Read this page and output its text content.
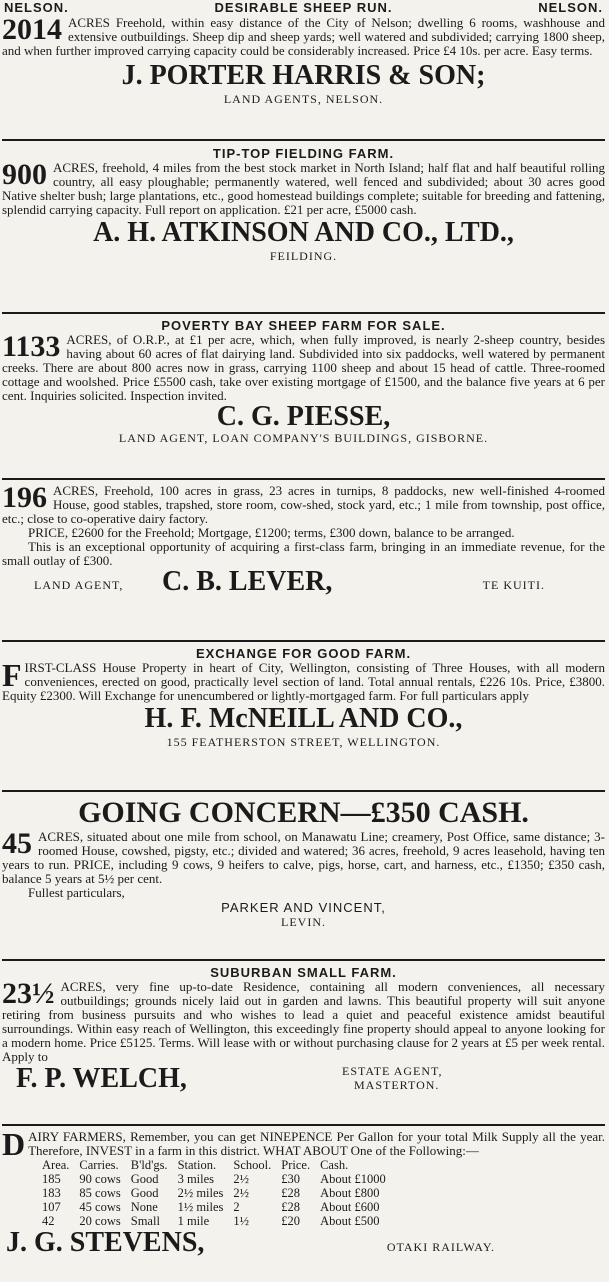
NELSON.	DESIRABLE SHEEP RUN.	NELSON.
2014 ACRES Freehold, within easy distance of the City of Nelson; dwelling 6 rooms, washhouse and extensive outbuildings. Sheep dip and sheep yards; well watered and subdivided; carrying 1800 sheep, and when further improved carrying capacity could be considerably increased. Price £4 10s. per acre. Easy terms.
J. PORTER HARRIS & SON;
LAND AGENTS, NELSON.
TIP-TOP FIELDING FARM.
900 ACRES, freehold, 4 miles from the best stock market in North Island; half flat and half beautiful rolling country, all easy ploughable; permanently watered, well fenced and subdivided; about 30 acres good Native shelter bush; large plantations, etc., good homestead buildings complete; suitable for breeding and fattening, splendid carrying capacity. Full report on application. £21 per acre, £5000 cash.
A. H. ATKINSON AND CO., LTD.,
FEILDING.
POVERTY BAY SHEEP FARM FOR SALE.
1133 ACRES, of O.R.P., at £1 per acre, which, when fully improved, is nearly 2-sheep country, besides having about 60 acres of flat dairying land. Subdivided into six paddocks, well watered by permanent creeks. There are about 800 acres now in grass, carrying 1100 sheep and about 15 head of cattle. Three-roomed cottage and woolshed. Price £5500 cash, take over existing mortgage of £1500, and the balance five years at 6 per cent. Inquiries solicited. Inspection invited.
C. G. PIESSE,
LAND AGENT, LOAN COMPANY'S BUILDINGS, GISBORNE.
196 ACRES, Freehold, 100 acres in grass, 23 acres in turnips, 8 paddocks, new well-finished 4-roomed House, good stables, trapshed, store room, cow-shed, stock yard, etc.; 1 mile from township, post office, etc.; close to co-operative dairy factory.
PRICE, £2600 for the Freehold; Mortgage, £1200; terms, £300 down, balance to be arranged.
This is an exceptional opportunity of acquiring a first-class farm, bringing in an immediate revenue, for the small outlay of £300.
LAND AGENT, C. B. LEVER,	TE KUITI.
EXCHANGE FOR GOOD FARM.
F IRST-CLASS House Property in heart of City, Wellington, consisting of Three Houses, with all modern conveniences, erected on good, practically level section of land. Total annual rentals, £226 10s. Price, £3800. Equity £2300. Will Exchange for unencumbered or lightly-mortgaged farm. For full particulars apply
H. F. McNEILL AND CO.,
155 FEATHERSTON STREET, WELLINGTON.
GOING CONCERN—£350 CASH.
45 ACRES, situated about one mile from school, on Manawatu Line; creamery, Post Office, same distance; 3-roomed House, cowshed, pigsty, etc.; divided and watered; 36 acres, freehold, 9 acres leasehold, having ten years to run. PRICE, including 9 cows, 9 heifers to calve, pigs, horse, cart, and harness, etc., £1350; £350 cash, balance 5 years at 5½ per cent.
Fullest particulars,
PARKER AND VINCENT,
LEVIN.
SUBURBAN SMALL FARM.
23½ ACRES, very fine up-to-date Residence, containing all modern conveniences, all necessary outbuildings; grounds nicely laid out in garden and lawns. This beautiful property will suit anyone retiring from business pursuits and who wishes to lead a quiet and peaceful existence amidst beautiful surroundings. Within easy reach of Wellington, this exceedingly fine property should appeal to anyone looking for a modern home. Price £5125. Terms. Will lease with or without purchasing clause for 2 years at £5 per week rental. Apply to
F. P. WELCH,	ESTATE AGENT,
MASTERTON.
D AIRY FARMERS, Remember, you can get NINEPENCE Per Gallon for your total Milk Supply all the year. Therefore, INVEST in a farm in this district. WHAT ABOUT One of the Following:—
Area.	Carries.	B'ld'gs.	Station.	School.	Price.	Cash.
185	90 cows	Good	3 miles	2½	£30	About £1000
183	85 cows	Good	2½ miles	2½	£28	About £800
107	45 cows	None	1½ miles	2	£28	About £600
42	20 cows	Small	1 mile	1½	£20	About £500
J. G. STEVENS,	OTAKI RAILWAY.
